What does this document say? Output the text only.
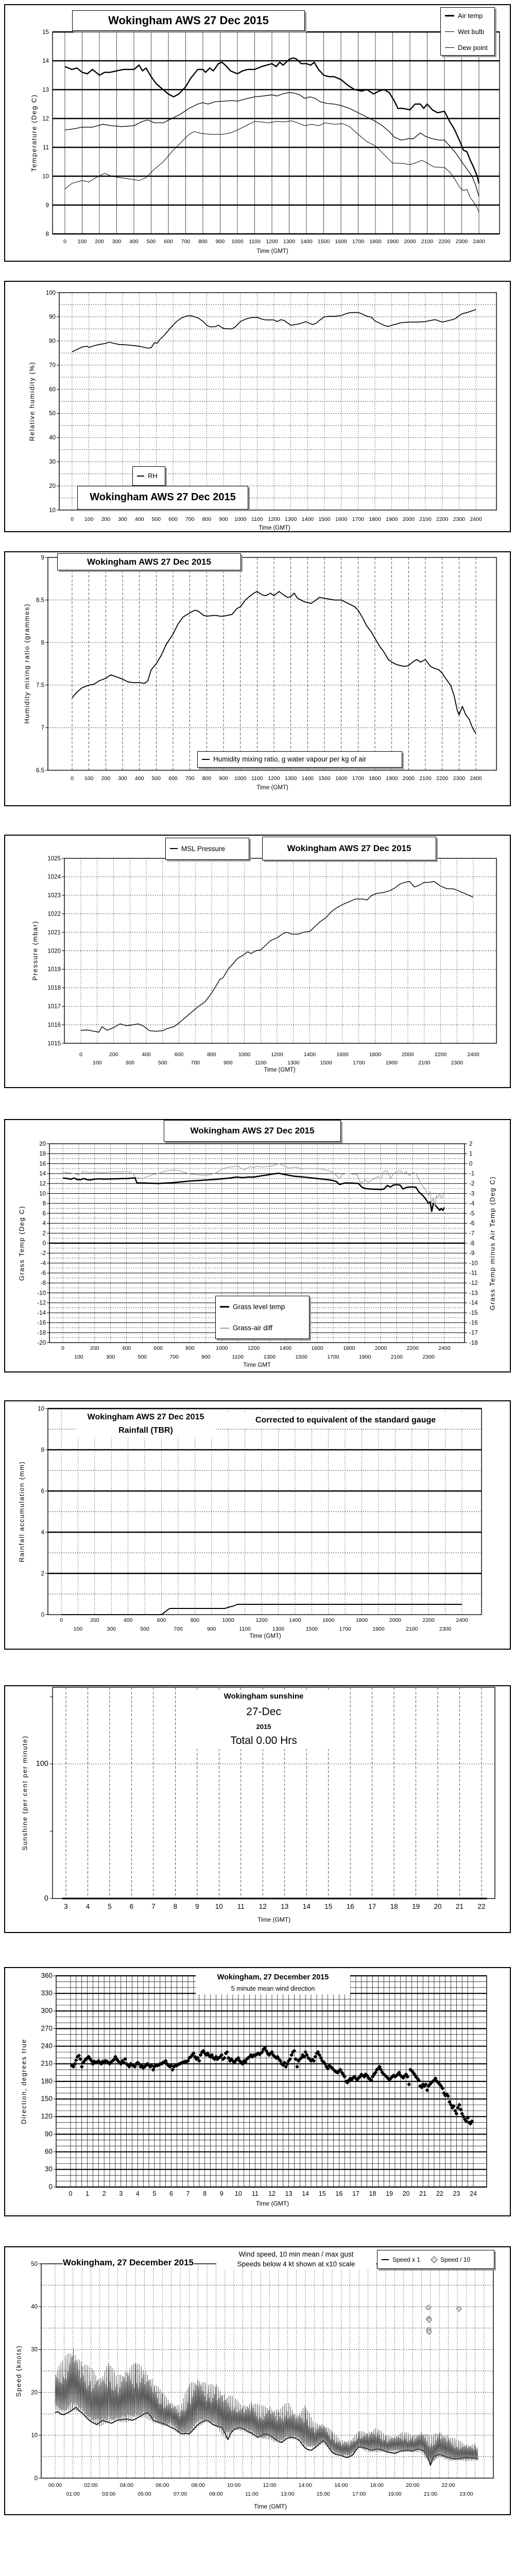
8
9
10
11
12
13
14
15
0 100 200 300 400 500 600 700 800 900 1000 1100 1200 1300 1400 1500 1600 1700 1800 1900 2000 2100 2200 2300 2400
Wokingham AWS 27 Dec 2015	Air temp
Wet bulb
Dew point
Temperature (Deg C)
Time (GMT)
10
20
30
40
50
60
70
80
90
100
0 100 200 300 400 500 600 700 800 900 1000 1100 1200 1300 1400 1500 1600 1700 1800 1900 2000 2100 2200 2300 2400
RH
Wokingham AWS 27 Dec 2015
Relative humidity (%)
Time (GMT)
6.5
7
7.5
8
8.5
9
0 100 200 300 400 500 600 700 800 900 1000 1100 1200 1300 1400 1500 1600 1700 1800 1900 2000 2100 2200 2300 2400
Wokingham AWS 27 Dec 2015
Humidity mixing ratio, g water vapour per kg of air
Humidity mixing ratio (grammes)
Time (GMT)
1015
1016
1017
1018
1019
1020
1021
1022
1023
1024
1025
0
100
200
300
400
500
600
700
800
900
1000
1100
1200
1300
1400
1500
1600
1700
1800
1900
2000
2100
2200
2300
2400
MSL Pressure	Wokingham AWS 27 Dec 2015
Pressure (mbar)
Time (GMT)
-20
-18
-16
-14
-12
-10
-8
-6
-4
-2
0
2
4
6
8
10
12
14
16
18
20
-18
-17
-16
-15
-14
-13
-12
-11
-10
-9
-8
-7
-6
-5
-4
-3
-2
-1
0
1
2
0
100
200
300
400
500
600
700
800
900
1000
1100
1200
1300
1400
1500
1600
1700
1800
1900
2000
2100
2200
2300
2400
Wokingham AWS 27 Dec 2015
Grass level temp
Grass-air diff
Grass Temp (Deg C)	Grass Temp minus Air Temp (Deg C)
Time GMT
0
2
4
6
8
10
0
100
200
300
400
500
600
700
800
900
1000
1100
1200
1300
1400
1500
1600
1700
1800
1900
2000
2100
2200
2300
2400
Wokingham AWS 27 Dec 2015
Rainfall (TBR)
Corrected to equivalent of the standard gauge
Rainfall accumulation (mm)
Time (GMT)
0
100
3	4	5	6	7	8	9 10 11 12 13 14 15 16 17 18 19 20 21 22
Wokingham sunshine
27-Dec
2015
Total 0.00 Hrs
Sunshine (per cent per minute)
Time (GMT)
0
30
60
90
120
150
180
210
240
270
300
330
360
0 1 2 3 4 5 6 7 8 9 10 11 12 13 14 15 16 17 18 19 20 21 22 23 24
Wokingham, 27 December 2015
5 minute mean wind direction
Direction, degrees true
Time (GMT)
0
10
20
30
40
50
00:00
01:00
02:00
03:00
04:00
05:00
06:00
07:00
08:00
09:00
10:00
11:00
12:00
13:00
14:00
15:00
16:00
17:00
18:00
19:00
20:00
21:00
22:00
23:00
Wokingham, 27 December 2015
Wind speed, 10 min mean / max gust
Speeds below 4 kt shown at x10 scale
Speed x 1	Speed / 10
Speed (knots)
Time (GMT)
